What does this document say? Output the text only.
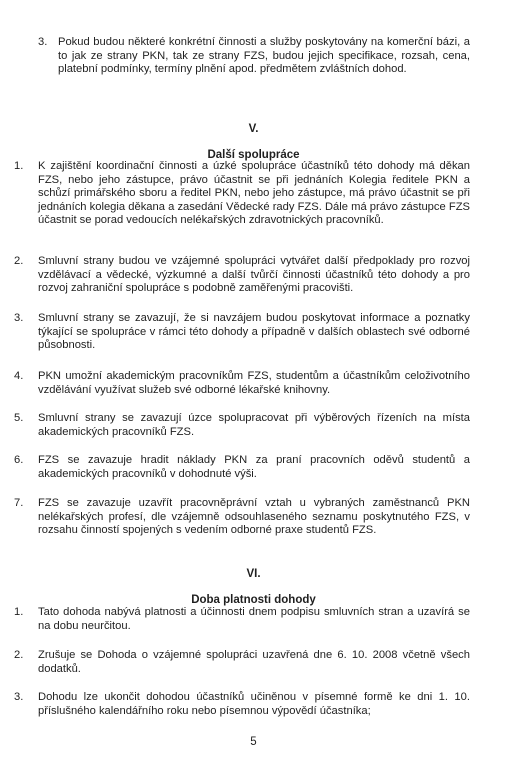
3. Pokud budou některé konkrétní činnosti a služby poskytovány na komerční bázi, a to jak ze strany PKN, tak ze strany FZS, budou jejich specifikace, rozsah, cena, platební podmínky, termíny plnění apod. předmětem zvláštních dohod.
V.
Další spolupráce
1.	K zajištění koordinační činnosti a úzké spolupráce účastníků této dohody má děkan FZS, nebo jeho zástupce, právo účastnit se při jednáních Kolegia ředitele PKN a schůzí primářského sboru a ředitel PKN, nebo jeho zástupce, má právo účastnit se při jednáních kolegia děkana a zasedání Vědecké rady FZS. Dále má právo zástupce FZS účastnit se porad vedoucích nelékařských zdravotnických pracovníků.
2.	Smluvní strany budou ve vzájemné spolupráci vytvářet další předpoklady pro rozvoj vzdělávací a vědecké, výzkumné a další tvůrčí činnosti účastníků této dohody a pro rozvoj zahraniční spolupráce s podobně zaměřenými pracovišti.
3.	Smluvní strany se zavazují, že si navzájem budou poskytovat informace a poznatky týkající se spolupráce v rámci této dohody a případně v dalších oblastech své odborné působnosti.
4.	PKN umožní akademickým pracovníkům FZS, studentům a účastníkům celoživotního vzdělávání využívat služeb své odborné lékařské knihovny.
5.	Smluvní strany se zavazují úzce spolupracovat při výběrových řízeních na místa akademických pracovníků FZS.
6.	FZS se zavazuje hradit náklady PKN za praní pracovních oděvů studentů a akademických pracovníků v dohodnuté výši.
7.	FZS se zavazuje uzavřít pracovněprávní vztah u vybraných zaměstnanců PKN nelékařských profesí, dle vzájemně odsouhlaseného seznamu poskytnutého FZS, v rozsahu činností spojených s vedením odborné praxe studentů FZS.
VI.
Doba platnosti dohody
1.	Tato dohoda nabývá platnosti a účinnosti dnem podpisu smluvních stran a uzavírá se na dobu neurčitou.
2.	Zrušuje se Dohoda o vzájemné spolupráci uzavřená dne 6. 10. 2008 včetně všech dodatků.
3.	Dohodu lze ukončit dohodou účastníků učiněnou v písemné formě ke dni 1. 10. příslušného kalendářního roku nebo písemnou výpovědí účastníka;
5
